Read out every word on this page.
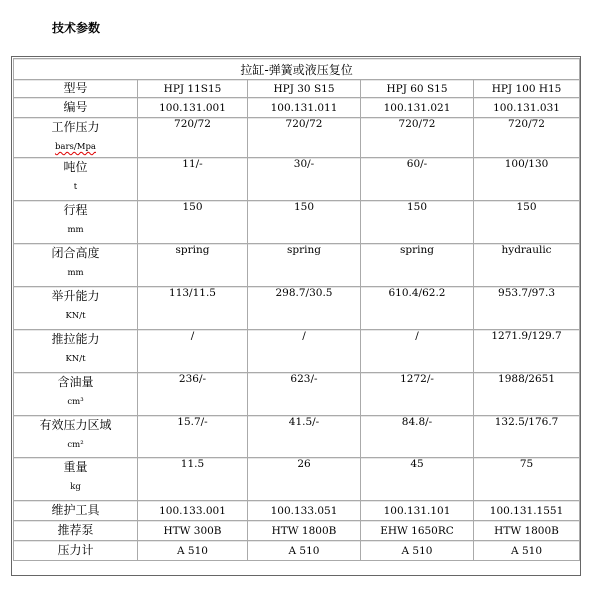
技术参数
拉缸-弹簧或液压复位				

型号	HPJ 11S15	HPJ 30 S15	HPJ 60 S15	HPJ 100 H15

编号	100.131.001	100.131.011	100.131.021	100.131.031

工作压力
bars/Mpa	720/72	720/72	720/72	720/72

吨位
t	11/-	30/-	60/-	100/130

行程
mm	150	150	150	150

闭合高度
mm	spring	spring	spring	hydraulic

举升能力
KN/t	113/11.5	298.7/30.5	610.4/62.2	953.7/97.3

推拉能力
KN/t	/	/	/	1271.9/129.7

含油量
cm³	236/-	623/-	1272/-	1988/2651

有效压力区域
cm²	15.7/-	41.5/-	84.8/-	132.5/176.7

重量
kg	11.5	26	45	75

维护工具	100.133.001	100.133.051	100.131.101	100.131.1551

推荐泵	HTW 300B	HTW 1800B	EHW 1650RC	HTW 1800B

压力计	A 510	A 510	A 510	A 510
